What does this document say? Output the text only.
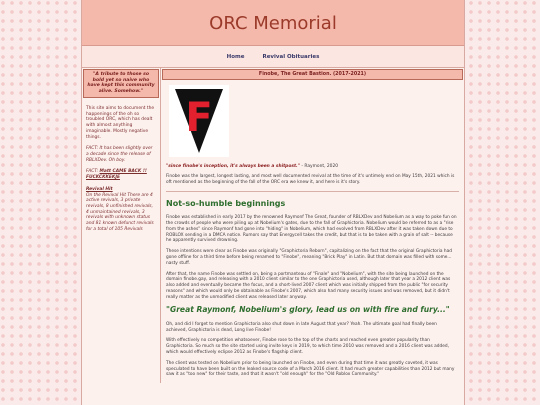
ORC Memorial
Home	Revival Obituaries
"A tribute to those so bold yet so naive who have kept this community alive. Somehow."

This site aims to document the happenings of the oh so troubled ORC, which has dealt with almost anything imaginable. Mostly negative things.

FACT: It has been slightly over a decade since the release of RBLXDev. Oh boy.

FACT: Matt CAME BACK !! FUCKCKKEKJE

Revival Hit
On the Revival Hit There are 4 active revivals, 3 private revivals, 8 unfinished revivals, 4 unmaintained revivals, 3 revivals with unknown status and 81 known defunct revivals for a total of 105 Revivals

Finobe, The Great Bastion. (2017-2021)
F
"since finobe's inception, it's always been a shitpost." - Raymont, 2020

Finobe was the largest, longest lasting, and most well documented revival at the time of it's untimely end on May 15th, 2021 which is oft mentioned as the beginning of the fall of the ORC era we knew it, and here is it's story.

Not-so-humble beginnings

Finobe was established in early 2017 by the renowned Raymonf The Great, founder of RBLXDev and Nobelium as a way to poke fun on the crowds of people who were piling up at Nobelium's gates, due to the fall of Graphictoria. Nobelium would be referred to as a "rise from the ashes" since Raymonf had gone into "hiding" in Nobelium, which had evolved from RBLXDev after it was taken down due to ROBLOX sending in a DMCA notice. Rumors say that Energycell takes the credit, but that is to be taken with a grain of salt -- because he apparently survived drowning.

These intentions were clear as Finobe was originally "Graphictoria Reborn", capitalizing on the fact that the original Graphictoria had gone offline for a third time before being renamed to "Finobe", meaning "Brick Play" in Latin. But that domain was filled with some... nasty stuff.

After that, the name Finobe was settled on, being a portmanteau of "Finale" and "Nobelium", with the site being launched on the domain finobe.gay, and releasing with a 2010 client similar to the one Graphictoria used, although later that year a 2012 client was also added and eventually became the focus, and a short-lived 2007 client which was initially shipped from the public "for security reasons" and which would only be obtainable as Finobe's 2007, which also had many security issues and was removed, but it didn't really matter as the unmodified client was released later anyway.

"Great Raymonf, Nobelium's glory, lead us on with fire and fury..."

Oh, and did I forget to mention Graphictoria also shut down in late August that year? Yeah. The ultimate goal had finally been achieved, Graphictoria is dead, Long live Finobe!

With effectively no competition whatsoever, Finobe rose to the top of the charts and reached even greater popularity than Graphictoria. So much so the site started using invite keys in 2019, to which time 2010 was removed and a 2016 client was added, which would effectively eclipse 2012 as Finobe's flagship client.

The client was tested on Nobelium prior to being launched on Finobe, and even during that time it was greatly coveted, it was speculated to have been built on the leaked source code of a March 2016 client. It had much greater capabilities than 2012 but many saw it as "too new" for their taste, and that it wasn't "old enough" for the "Old Roblox Community."
